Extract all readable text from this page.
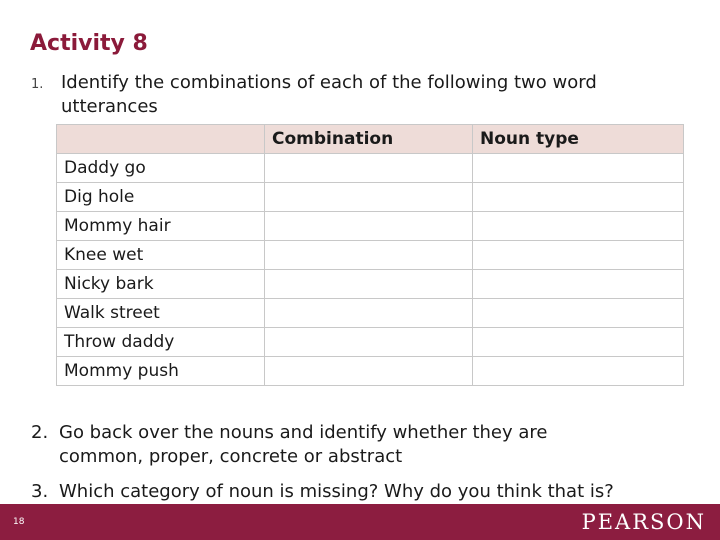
Activity 8
1. Identify the combinations of each of the following two word utterances
	Combination	Noun type
Daddy go		
Dig hole		
Mommy hair		
Knee wet		
Nicky bark		
Walk street		
Throw daddy		
Mommy push		
2. Go back over the nouns and identify whether they are
common, proper, concrete or abstract
3. Which category of noun is missing? Why do you think that is?
18	PEARSON
